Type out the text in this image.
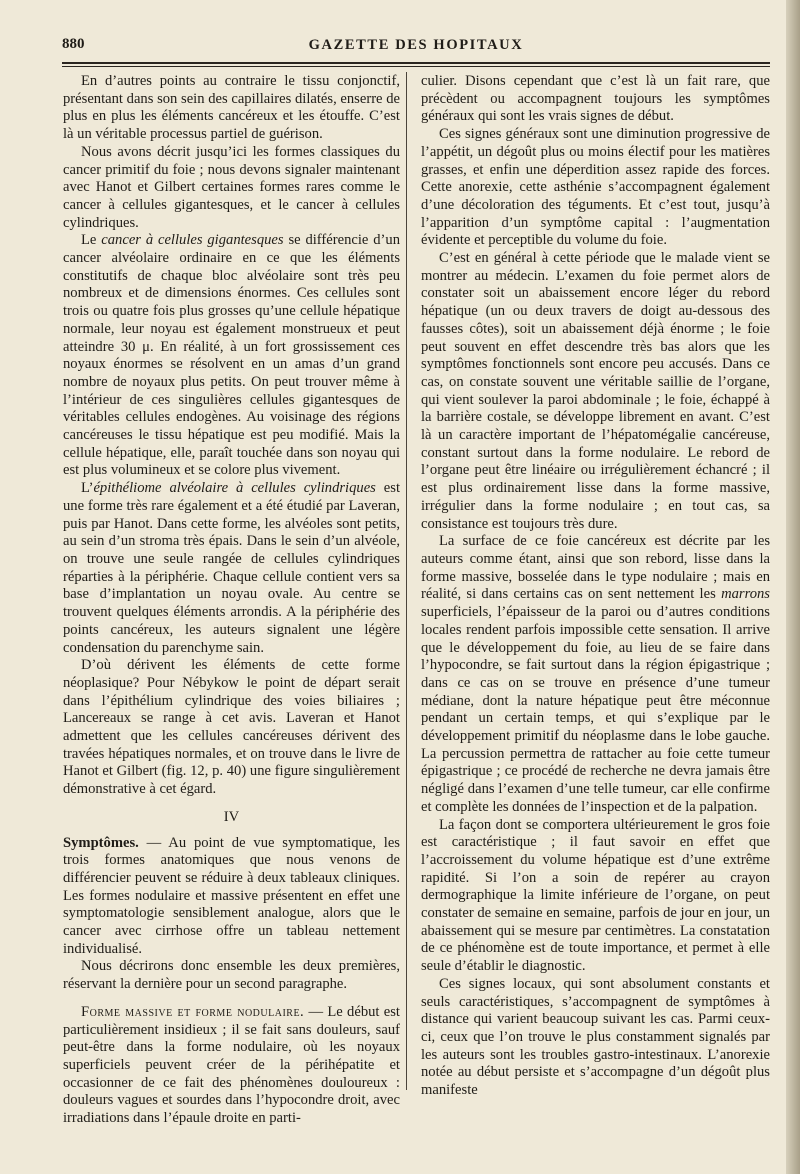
880	GAZETTE DES HOPITAUX

En d’autres points au contraire le tissu conjonctif, présentant dans son sein des capillaires dilatés, enserre de plus en plus les éléments cancéreux et les étouffe. C’est là un véritable processus partiel de guérison.

Nous avons décrit jusqu’ici les formes classiques du cancer primitif du foie ; nous devons signaler maintenant avec Hanot et Gilbert certaines formes rares comme le cancer à cellules gigantesques, et le cancer à cellules cylindriques.

Le cancer à cellules gigantesques se différencie d’un cancer alvéolaire ordinaire en ce que les éléments constitutifs de chaque bloc alvéolaire sont très peu nombreux et de dimensions énormes. Ces cellules sont trois ou quatre fois plus grosses qu’une cellule hépatique normale, leur noyau est également monstrueux et peut atteindre 30 μ. En réalité, à un fort grossissement ces noyaux énormes se résolvent en un amas d’un grand nombre de noyaux plus petits. On peut trouver même à l’intérieur de ces singulières cellules gigantesques de véritables cellules endogènes. Au voisinage des régions cancéreuses le tissu hépatique est peu modifié. Mais la cellule hépatique, elle, paraît touchée dans son noyau qui est plus volumineux et se colore plus vivement.

L’épithéliome alvéolaire à cellules cylindriques est une forme très rare également et a été étudié par Laveran, puis par Hanot. Dans cette forme, les alvéoles sont petits, au sein d’un stroma très épais. Dans le sein d’un alvéole, on trouve une seule rangée de cellules cylindriques réparties à la périphérie. Chaque cellule contient vers sa base d’implantation un noyau ovale. Au centre se trouvent quelques éléments arrondis. A la périphérie des points cancéreux, les auteurs signalent une légère condensation du parenchyme sain.

D’où dérivent les éléments de cette forme néoplasique? Pour Nébykow le point de départ serait dans l’épithélium cylindrique des voies biliaires ; Lancereaux se range à cet avis. Laveran et Hanot admettent que les cellules cancéreuses dérivent des travées hépatiques normales, et on trouve dans le livre de Hanot et Gilbert (fig. 12, p. 40) une figure singulièrement démonstrative à cet égard.

IV

Symptômes. — Au point de vue symptomatique, les trois formes anatomiques que nous venons de différencier peuvent se réduire à deux tableaux cliniques. Les formes nodulaire et massive présentent en effet une symptomatologie sensiblement analogue, alors que le cancer avec cirrhose offre un tableau nettement individualisé.

Nous décrirons donc ensemble les deux premières, réservant la dernière pour un second paragraphe.

Forme massive et forme nodulaire. — Le début est particulièrement insidieux ; il se fait sans douleurs, sauf peut-être dans la forme nodulaire, où les noyaux superficiels peuvent créer de la périhépatite et occasionner de ce fait des phénomènes douloureux : douleurs vagues et sourdes dans l’hypocondre droit, avec irradiations dans l’épaule droite en parti-

culier. Disons cependant que c’est là un fait rare, que précèdent ou accompagnent toujours les symptômes généraux qui sont les vrais signes de début.

Ces signes généraux sont une diminution progressive de l’appétit, un dégoût plus ou moins électif pour les matières grasses, et enfin une déperdition assez rapide des forces. Cette anorexie, cette asthénie s’accompagnent également d’une décoloration des téguments. Et c’est tout, jusqu’à l’apparition d’un symptôme capital : l’augmentation évidente et perceptible du volume du foie.

C’est en général à cette période que le malade vient se montrer au médecin. L’examen du foie permet alors de constater soit un abaissement encore léger du rebord hépatique (un ou deux travers de doigt au-dessous des fausses côtes), soit un abaissement déjà énorme ; le foie peut souvent en effet descendre très bas alors que les symptômes fonctionnels sont encore peu accusés. Dans ce cas, on constate souvent une véritable saillie de l’organe, qui vient soulever la paroi abdominale ; le foie, échappé à la barrière costale, se développe librement en avant. C’est là un caractère important de l’hépatomégalie cancéreuse, constant surtout dans la forme nodulaire. Le rebord de l’organe peut être linéaire ou irrégulièrement échancré ; il est plus ordinairement lisse dans la forme massive, irrégulier dans la forme nodulaire ; en tout cas, sa consistance est toujours très dure.

La surface de ce foie cancéreux est décrite par les auteurs comme étant, ainsi que son rebord, lisse dans la forme massive, bosselée dans le type nodulaire ; mais en réalité, si dans certains cas on sent nettement les marrons superficiels, l’épaisseur de la paroi ou d’autres conditions locales rendent parfois impossible cette sensation. Il arrive que le développement du foie, au lieu de se faire dans l’hypocondre, se fait surtout dans la région épigastrique ; dans ce cas on se trouve en présence d’une tumeur médiane, dont la nature hépatique peut être méconnue pendant un certain temps, et qui s’explique par le développement primitif du néoplasme dans le lobe gauche. La percussion permettra de rattacher au foie cette tumeur épigastrique ; ce procédé de recherche ne devra jamais être négligé dans l’examen d’une telle tumeur, car elle confirme et complète les données de l’inspection et de la palpation.

La façon dont se comportera ultérieurement le gros foie est caractéristique ; il faut savoir en effet que l’accroissement du volume hépatique est d’une extrême rapidité. Si l’on a soin de repérer au crayon dermographique la limite inférieure de l’organe, on peut constater de semaine en semaine, parfois de jour en jour, un abaissement qui se mesure par centimètres. La constatation de ce phénomène est de toute importance, et permet à elle seule d’établir le diagnostic.

Ces signes locaux, qui sont absolument constants et seuls caractéristiques, s’accompagnent de symptômes à distance qui varient beaucoup suivant les cas. Parmi ceux-ci, ceux que l’on trouve le plus constamment signalés par les auteurs sont les troubles gastro-intestinaux. L’anorexie notée au début persiste et s’accompagne d’un dégoût plus manifeste
